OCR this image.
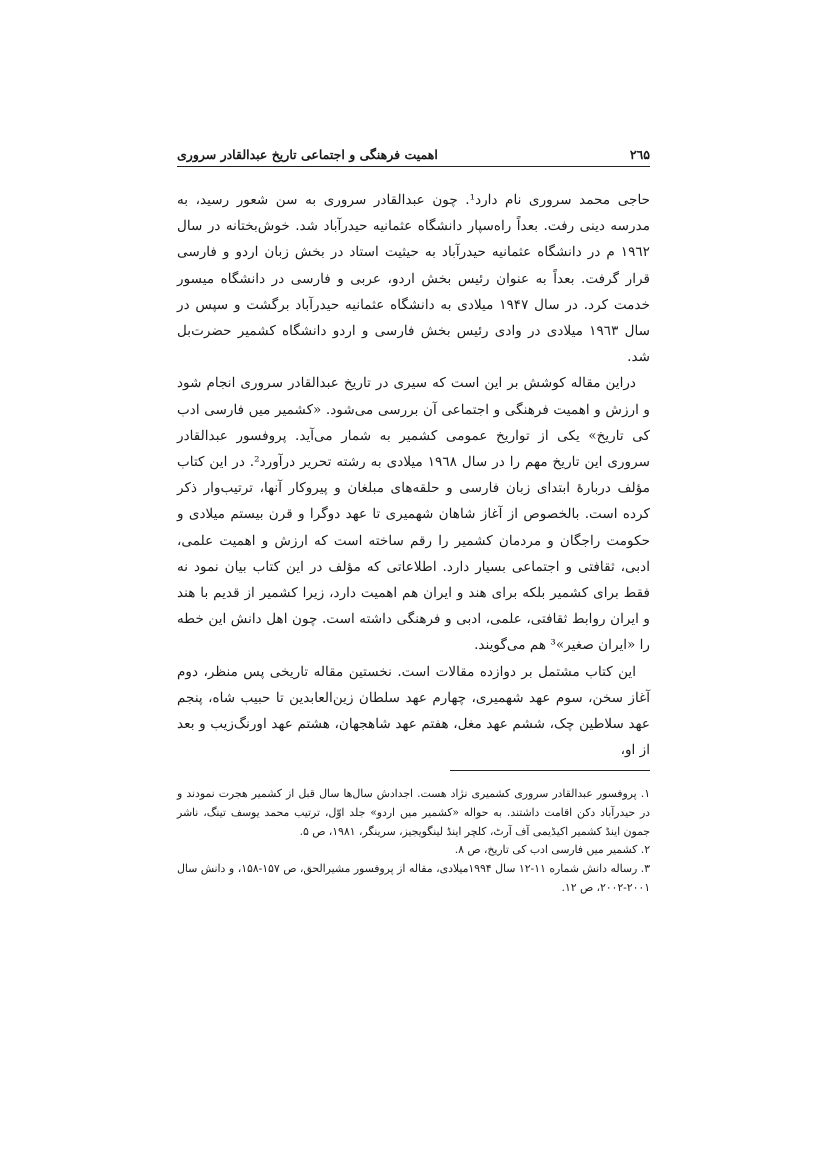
۲٦۵
اهمیت فرهنگی و اجتماعی تاریخ عبدالقادر سروری

حاجی محمد سروری نام دارد¹. چون عبدالقادر سروری به سن شعور رسید، به مدرسه دینی رفت. بعداً راه‌سپار دانشگاه عثمانیه حیدرآباد شد. خوش‌بختانه در سال ۱۹٦۲ م در دانشگاه عثمانیه حیدرآباد به حیثیت استاد در بخش زبان اردو و فارسی قرار گرفت. بعداً به عنوان رئیس بخش اردو، عربی و فارسی در دانشگاه میسور خدمت کرد. در سال ۱۹۴۷ میلادی به دانشگاه عثمانیه حیدرآباد برگشت و سپس در سال ۱۹٦۳ میلادی در وادی رئیس بخش فارسی و اردو دانشگاه کشمیر حضرت‌بل شد.

دراین مقاله کوشش بر این است که سیری در تاریخ عبدالقادر سروری انجام شود و ارزش و اهمیت فرهنگی و اجتماعی آن بررسی می‌شود. «کشمیر میں فارسی ادب کی تاریخ» یکی از تواریخ عمومی کشمیر به شمار می‌آید. پروفسور عبدالقادر سروری این تاریخ مهم را در سال ۱۹٦۸ میلادی به رشته تحریر درآورد². در این کتاب مؤلف دربارهٔ ابتدای زبان فارسی و حلقه‌های مبلغان و پیروکار آنها، ترتیب‌وار ذکر کرده است. بالخصوص از آغاز شاهان شهمیری تا عهد دوگرا و قرن بیستم میلادی و حکومت راجگان و مردمان کشمیر را رقم ساخته است که ارزش و اهمیت علمی، ادبی، ثقافتی و اجتماعی بسیار دارد. اطلاعاتی که مؤلف در این کتاب بیان نمود نه فقط برای کشمیر بلکه برای هند و ایران هم اهمیت دارد، زیرا کشمیر از قدیم با هند و ایران روابط ثقافتی، علمی، ادبی و فرهنگی داشته است. چون اهل دانش این خطه را «ایران صغیر»³ هم می‌گویند.

این کتاب مشتمل بر دوازده مقالات است. نخستین مقاله تاریخی پس منظر، دوم آغاز سخن، سوم عهد شهمیری، چهارم عهد سلطان زین‌العابدین تا حبیب شاه، پنجم عهد سلاطین چک، ششم عهد مغل، هفتم عهد شاهجهان، هشتم عهد اورنگ‌زیب و بعد از او،

۱. پروفسور عبدالقادر سروری کشمیری نژاد هست. اجدادش سال‌ها سال قبل از کشمیر هجرت نمودند و در حیدرآباد دکن اقامت داشتند. به حواله «کشمیر میں اردو» جلد اوّل، ترتیب محمد یوسف تینگ، ناشر جمون اینڈ کشمیر اکیڈیمی آف آرٹ، کلچر اینڈ لینگویجیز، سرینگر، ۱۹۸۱، ص ۵.

۲. کشمیر میں فارسی ادب کی تاریخ، ص ۸.

۳. رساله دانش شماره ۱۱-۱۲ سال ۱۹۹۴میلادی، مقاله از پروفسور مشیرالحق، ص ۱۵۷-۱۵۸، و دانش سال ۲۰۰۱-۲۰۰۲، ص ۱۲.
